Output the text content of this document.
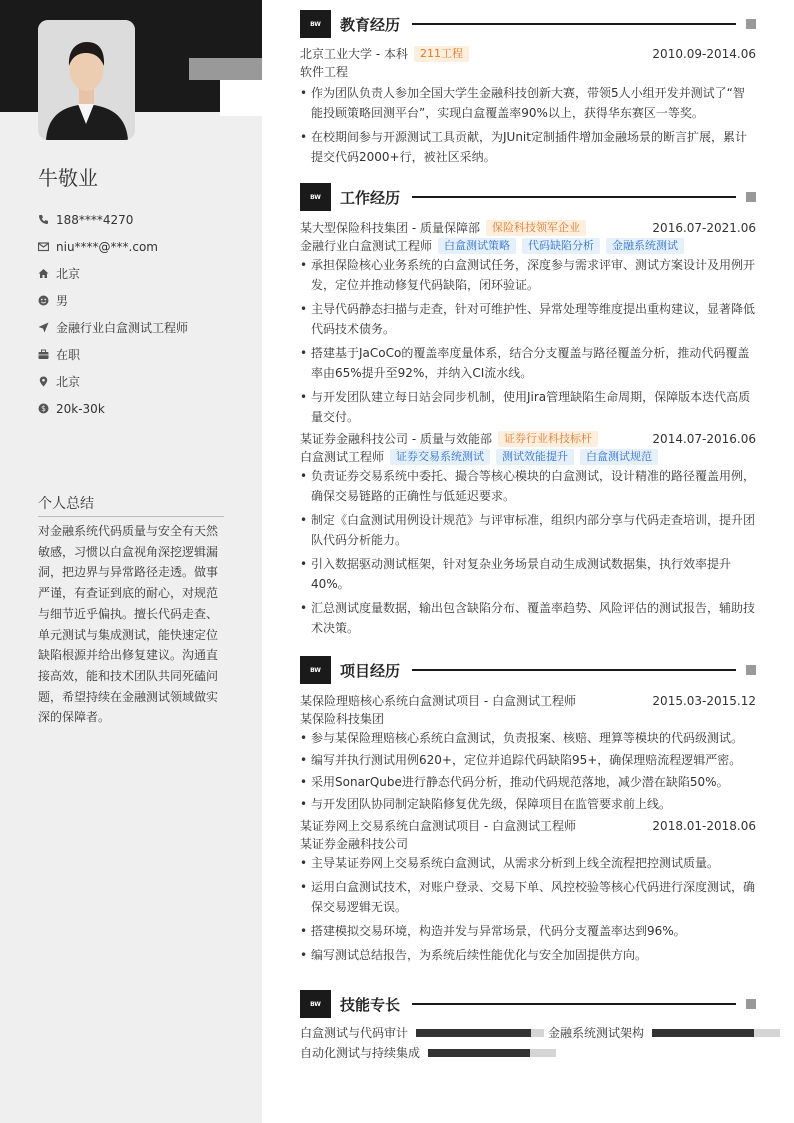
牛敬业
188****4270
niu****@***.com
北京
男
金融行业白盒测试工程师
在职
北京
$ 20k-30k
个人总结
对金融系统代码质量与安全有天然敏感，习惯以白盒视角深挖逻辑漏洞，把边界与异常路径走透。做事严谨，有查证到底的耐心，对规范与细节近乎偏执。擅长代码走查、单元测试与集成测试，能快速定位缺陷根源并给出修复建议。沟通直接高效，能和技术团队共同死磕问题，希望持续在金融测试领域做实深的保障者。
BW	教育经历
北京工业大学 - 本科	211工程	2010.09-2014.06
软件工程
• 作为团队负责人参加全国大学生金融科技创新大赛，带领5人小组开发并测试了“智能投顾策略回测平台”，实现白盒覆盖率90%以上，获得华东赛区一等奖。
• 在校期间参与开源测试工具贡献，为JUnit定制插件增加金融场景的断言扩展，累计提交代码2000+行，被社区采纳。
BW	工作经历
某大型保险科技集团 - 质量保障部	保险科技领军企业	2016.07-2021.06
金融行业白盒测试工程师	白盒测试策略	代码缺陷分析	金融系统测试
• 承担保险核心业务系统的白盒测试任务，深度参与需求评审、测试方案设计及用例开发，定位并推动修复代码缺陷，闭环验证。
• 主导代码静态扫描与走查，针对可维护性、异常处理等维度提出重构建议，显著降低代码技术债务。
• 搭建基于JaCoCo的覆盖率度量体系，结合分支覆盖与路径覆盖分析，推动代码覆盖率由65%提升至92%，并纳入CI流水线。
• 与开发团队建立每日站会同步机制，使用Jira管理缺陷生命周期，保障版本迭代高质量交付。
某证券金融科技公司 - 质量与效能部	证券行业科技标杆	2014.07-2016.06
白盒测试工程师	证券交易系统测试	测试效能提升	白盒测试规范
• 负责证券交易系统中委托、撮合等核心模块的白盒测试，设计精准的路径覆盖用例，确保交易链路的正确性与低延迟要求。
• 制定《白盒测试用例设计规范》与评审标准，组织内部分享与代码走查培训，提升团队代码分析能力。
• 引入数据驱动测试框架，针对复杂业务场景自动生成测试数据集，执行效率提升40%。
• 汇总测试度量数据，输出包含缺陷分布、覆盖率趋势、风险评估的测试报告，辅助技术决策。
BW	项目经历
某保险理赔核心系统白盒测试项目 - 白盒测试工程师	2015.03-2015.12
某保险科技集团
• 参与某保险理赔核心系统白盒测试，负责报案、核赔、理算等模块的代码级测试。
• 编写并执行测试用例620+，定位并追踪代码缺陷95+，确保理赔流程逻辑严密。
• 采用SonarQube进行静态代码分析，推动代码规范落地，减少潜在缺陷50%。
• 与开发团队协同制定缺陷修复优先级，保障项目在监管要求前上线。
某证券网上交易系统白盒测试项目 - 白盒测试工程师	2018.01-2018.06
某证券金融科技公司
• 主导某证券网上交易系统白盒测试，从需求分析到上线全流程把控测试质量。
• 运用白盒测试技术，对账户登录、交易下单、风控校验等核心代码进行深度测试，确保交易逻辑无误。
• 搭建模拟交易环境，构造并发与异常场景，代码分支覆盖率达到96%。
• 编写测试总结报告，为系统后续性能优化与安全加固提供方向。
BW	技能专长
白盒测试与代码审计	金融系统测试架构
自动化测试与持续集成
